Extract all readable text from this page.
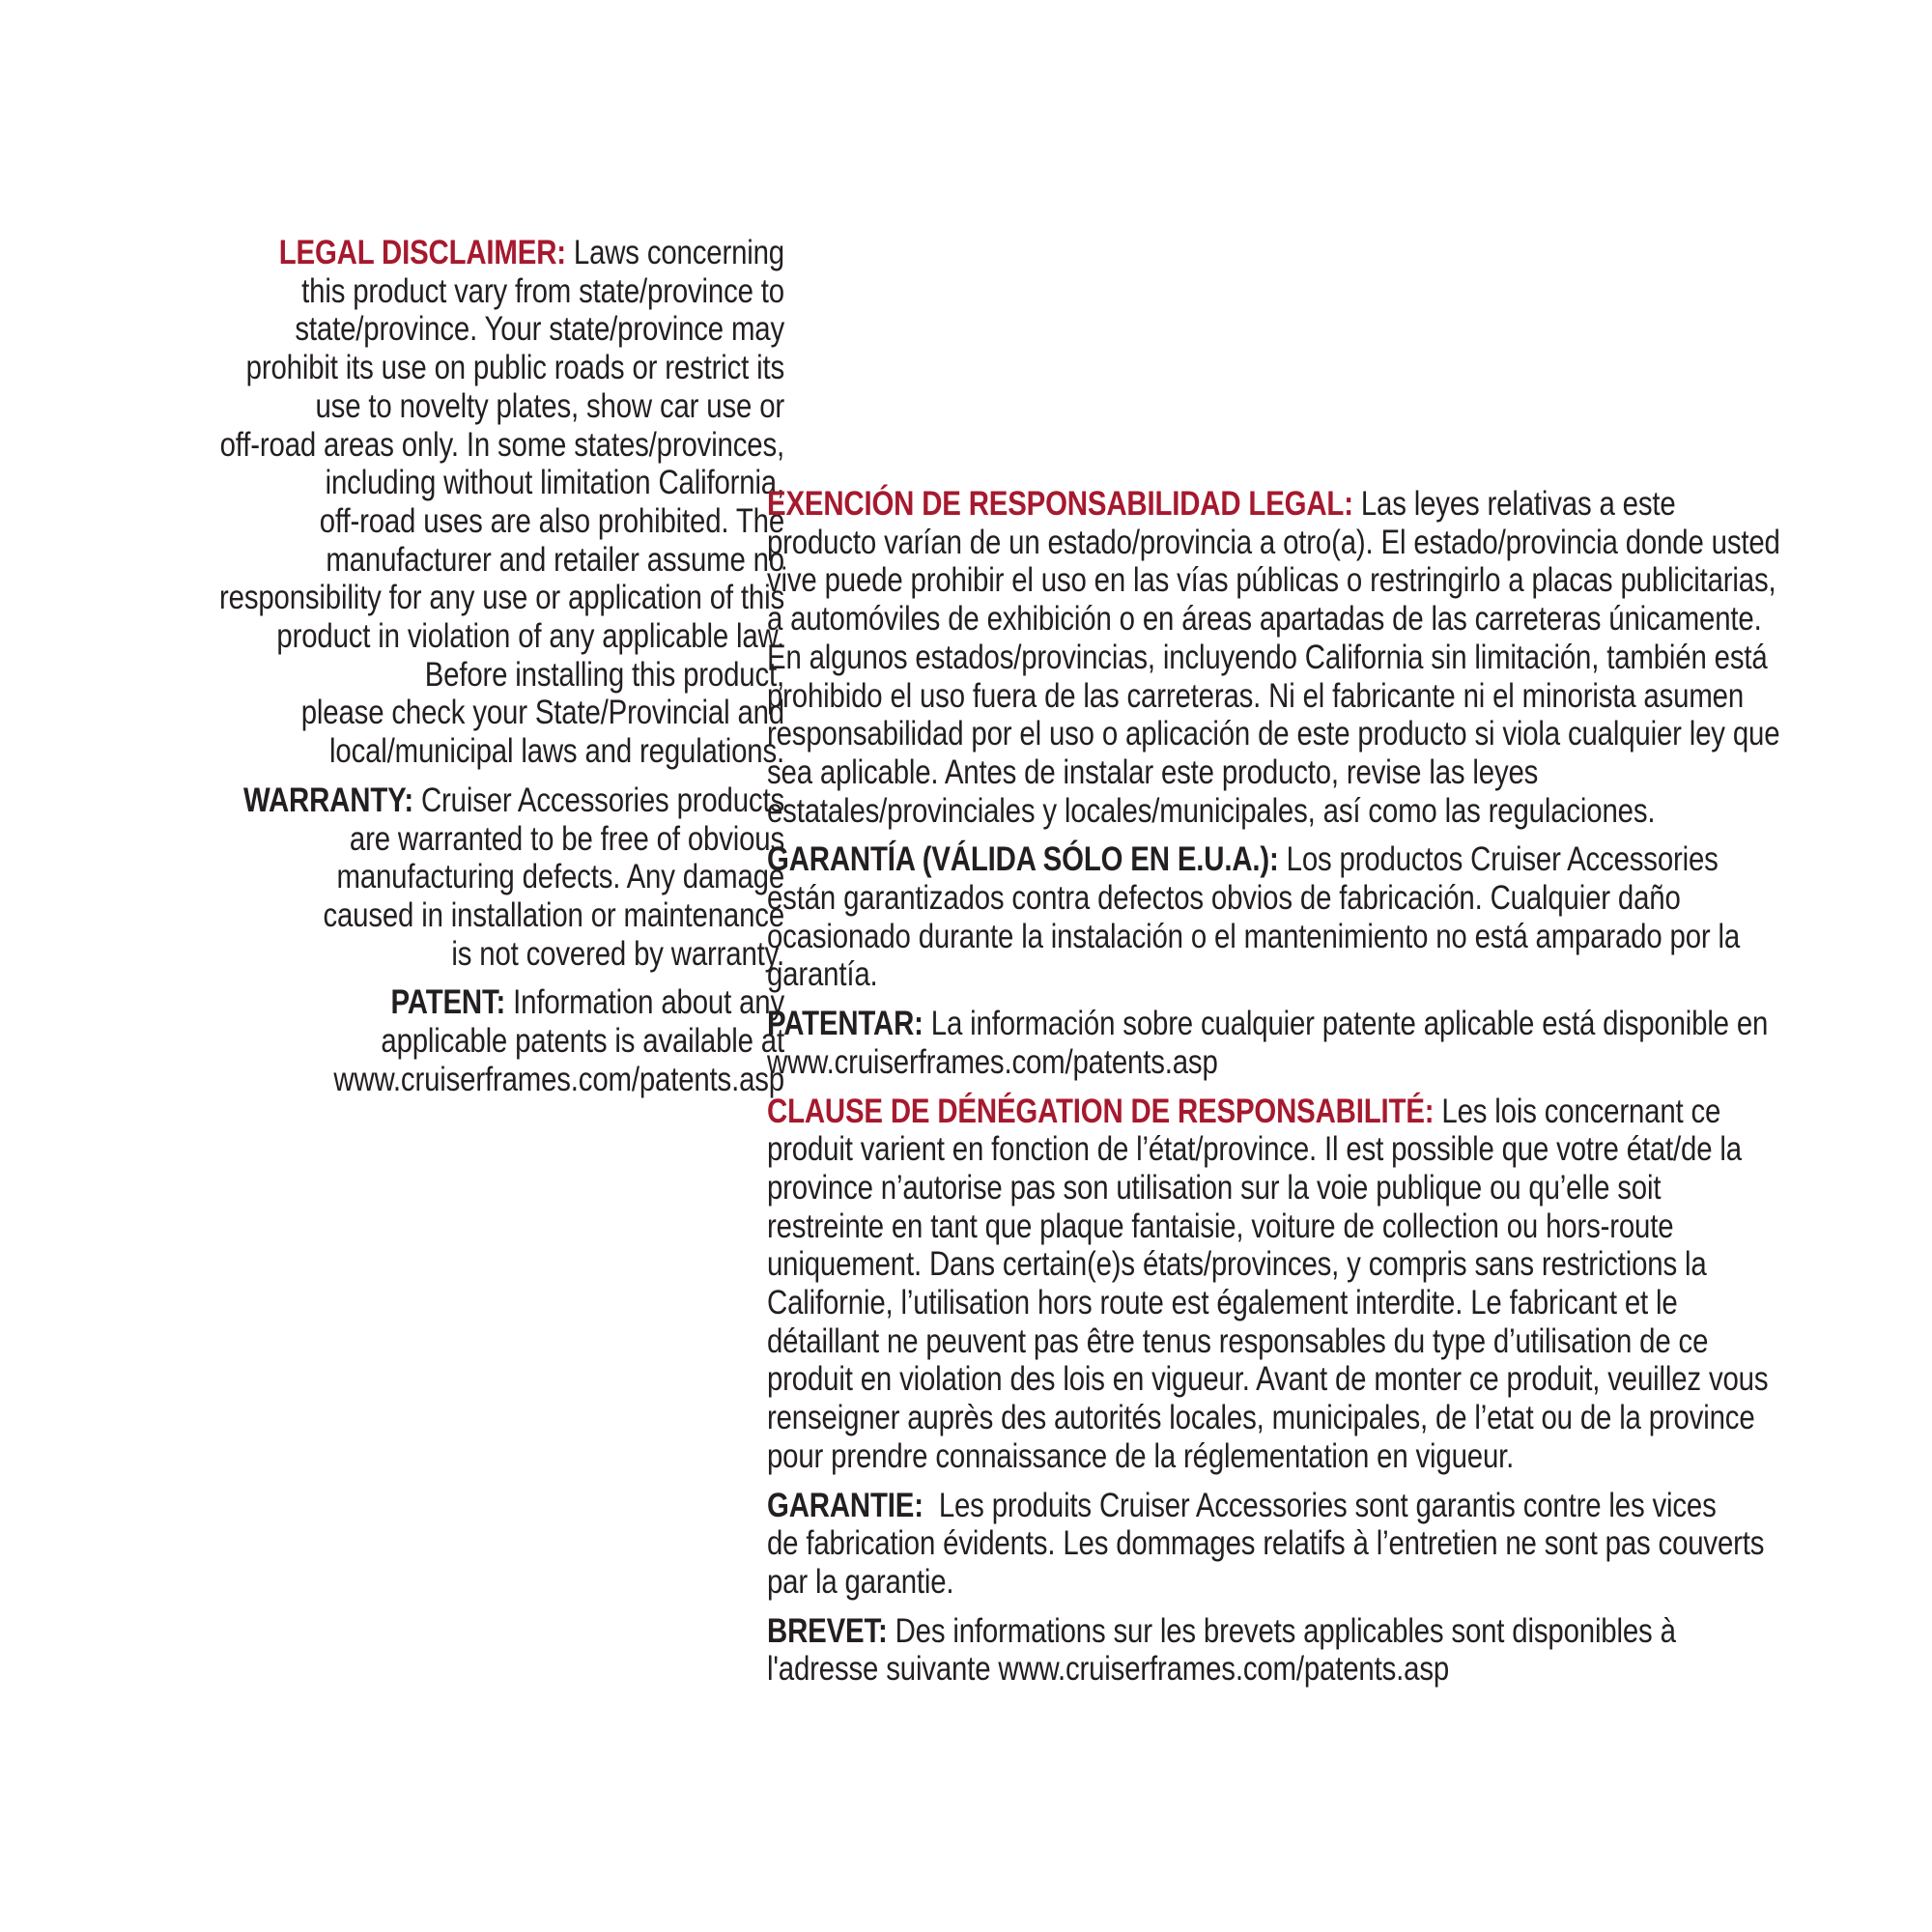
LEGAL DISCLAIMER: Laws concerning
this product vary from state/province to
state/province. Your state/province may
prohibit its use on public roads or restrict its
use to novelty plates, show car use or
off-road areas only. In some states/provinces,
including without limitation California,
off-road uses are also prohibited. The
manufacturer and retailer assume no
responsibility for any use or application of this
product in violation of any applicable law.
Before installing this product,
please check your State/Provincial and
local/municipal laws and regulations.
WARRANTY: Cruiser Accessories products
are warranted to be free of obvious
manufacturing defects. Any damage
caused in installation or maintenance
is not covered by warranty.
PATENT: Information about any
applicable patents is available at
www.cruiserframes.com/patents.asp
EXENCIÓN DE RESPONSABILIDAD LEGAL: Las leyes relativas a este
producto varían de un estado/provincia a otro(a). El estado/provincia donde usted
vive puede prohibir el uso en las vías públicas o restringirlo a placas publicitarias,
a automóviles de exhibición o en áreas apartadas de las carreteras únicamente.
En algunos estados/provincias, incluyendo California sin limitación, también está
prohibido el uso fuera de las carreteras. Ni el fabricante ni el minorista asumen
responsabilidad por el uso o aplicación de este producto si viola cualquier ley que
sea aplicable. Antes de instalar este producto, revise las leyes
estatales/provinciales y locales/municipales, así como las regulaciones.
GARANTÍA (VÁLIDA SÓLO EN E.U.A.): Los productos Cruiser Accessories
están garantizados contra defectos obvios de fabricación. Cualquier daño
ocasionado durante la instalación o el mantenimiento no está amparado por la
garantía.
PATENTAR: La información sobre cualquier patente aplicable está disponible en
www.cruiserframes.com/patents.asp
CLAUSE DE DÉNÉGATION DE RESPONSABILITÉ: Les lois concernant ce
produit varient en fonction de l’état/province. Il est possible que votre état/de la
province n’autorise pas son utilisation sur la voie publique ou qu’elle soit
restreinte en tant que plaque fantaisie, voiture de collection ou hors-route
uniquement. Dans certain(e)s états/provinces, y compris sans restrictions la
Californie, l’utilisation hors route est également interdite. Le fabricant et le
détaillant ne peuvent pas être tenus responsables du type d’utilisation de ce
produit en violation des lois en vigueur. Avant de monter ce produit, veuillez vous
renseigner auprès des autorités locales, municipales, de l’etat ou de la province
pour prendre connaissance de la réglementation en vigueur.
GARANTIE:  Les produits Cruiser Accessories sont garantis contre les vices
de fabrication évidents. Les dommages relatifs à l’entretien ne sont pas couverts
par la garantie.
BREVET: Des informations sur les brevets applicables sont disponibles à
l'adresse suivante www.cruiserframes.com/patents.asp
